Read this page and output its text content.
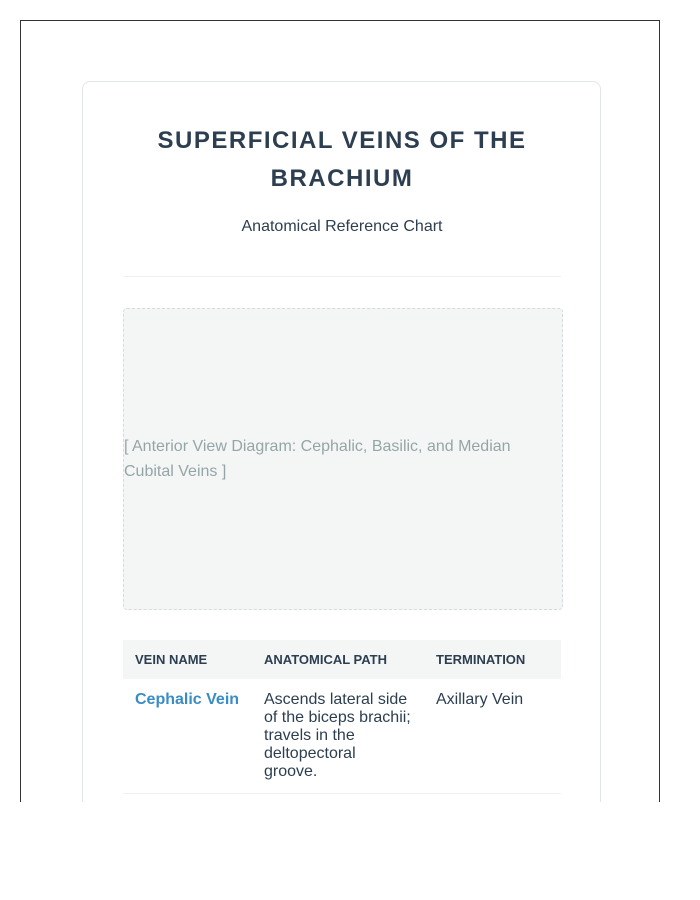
SUPERFICIAL VEINS OF THE BRACHIUM
Anatomical Reference Chart
[ Anterior View Diagram: Cephalic, Basilic, and Median Cubital Veins ]
VEIN NAME	ANATOMICAL PATH	TERMINATION
Cephalic Vein	Ascends lateral side of the biceps brachii; travels in the deltopectoral groove.	Axillary Vein
